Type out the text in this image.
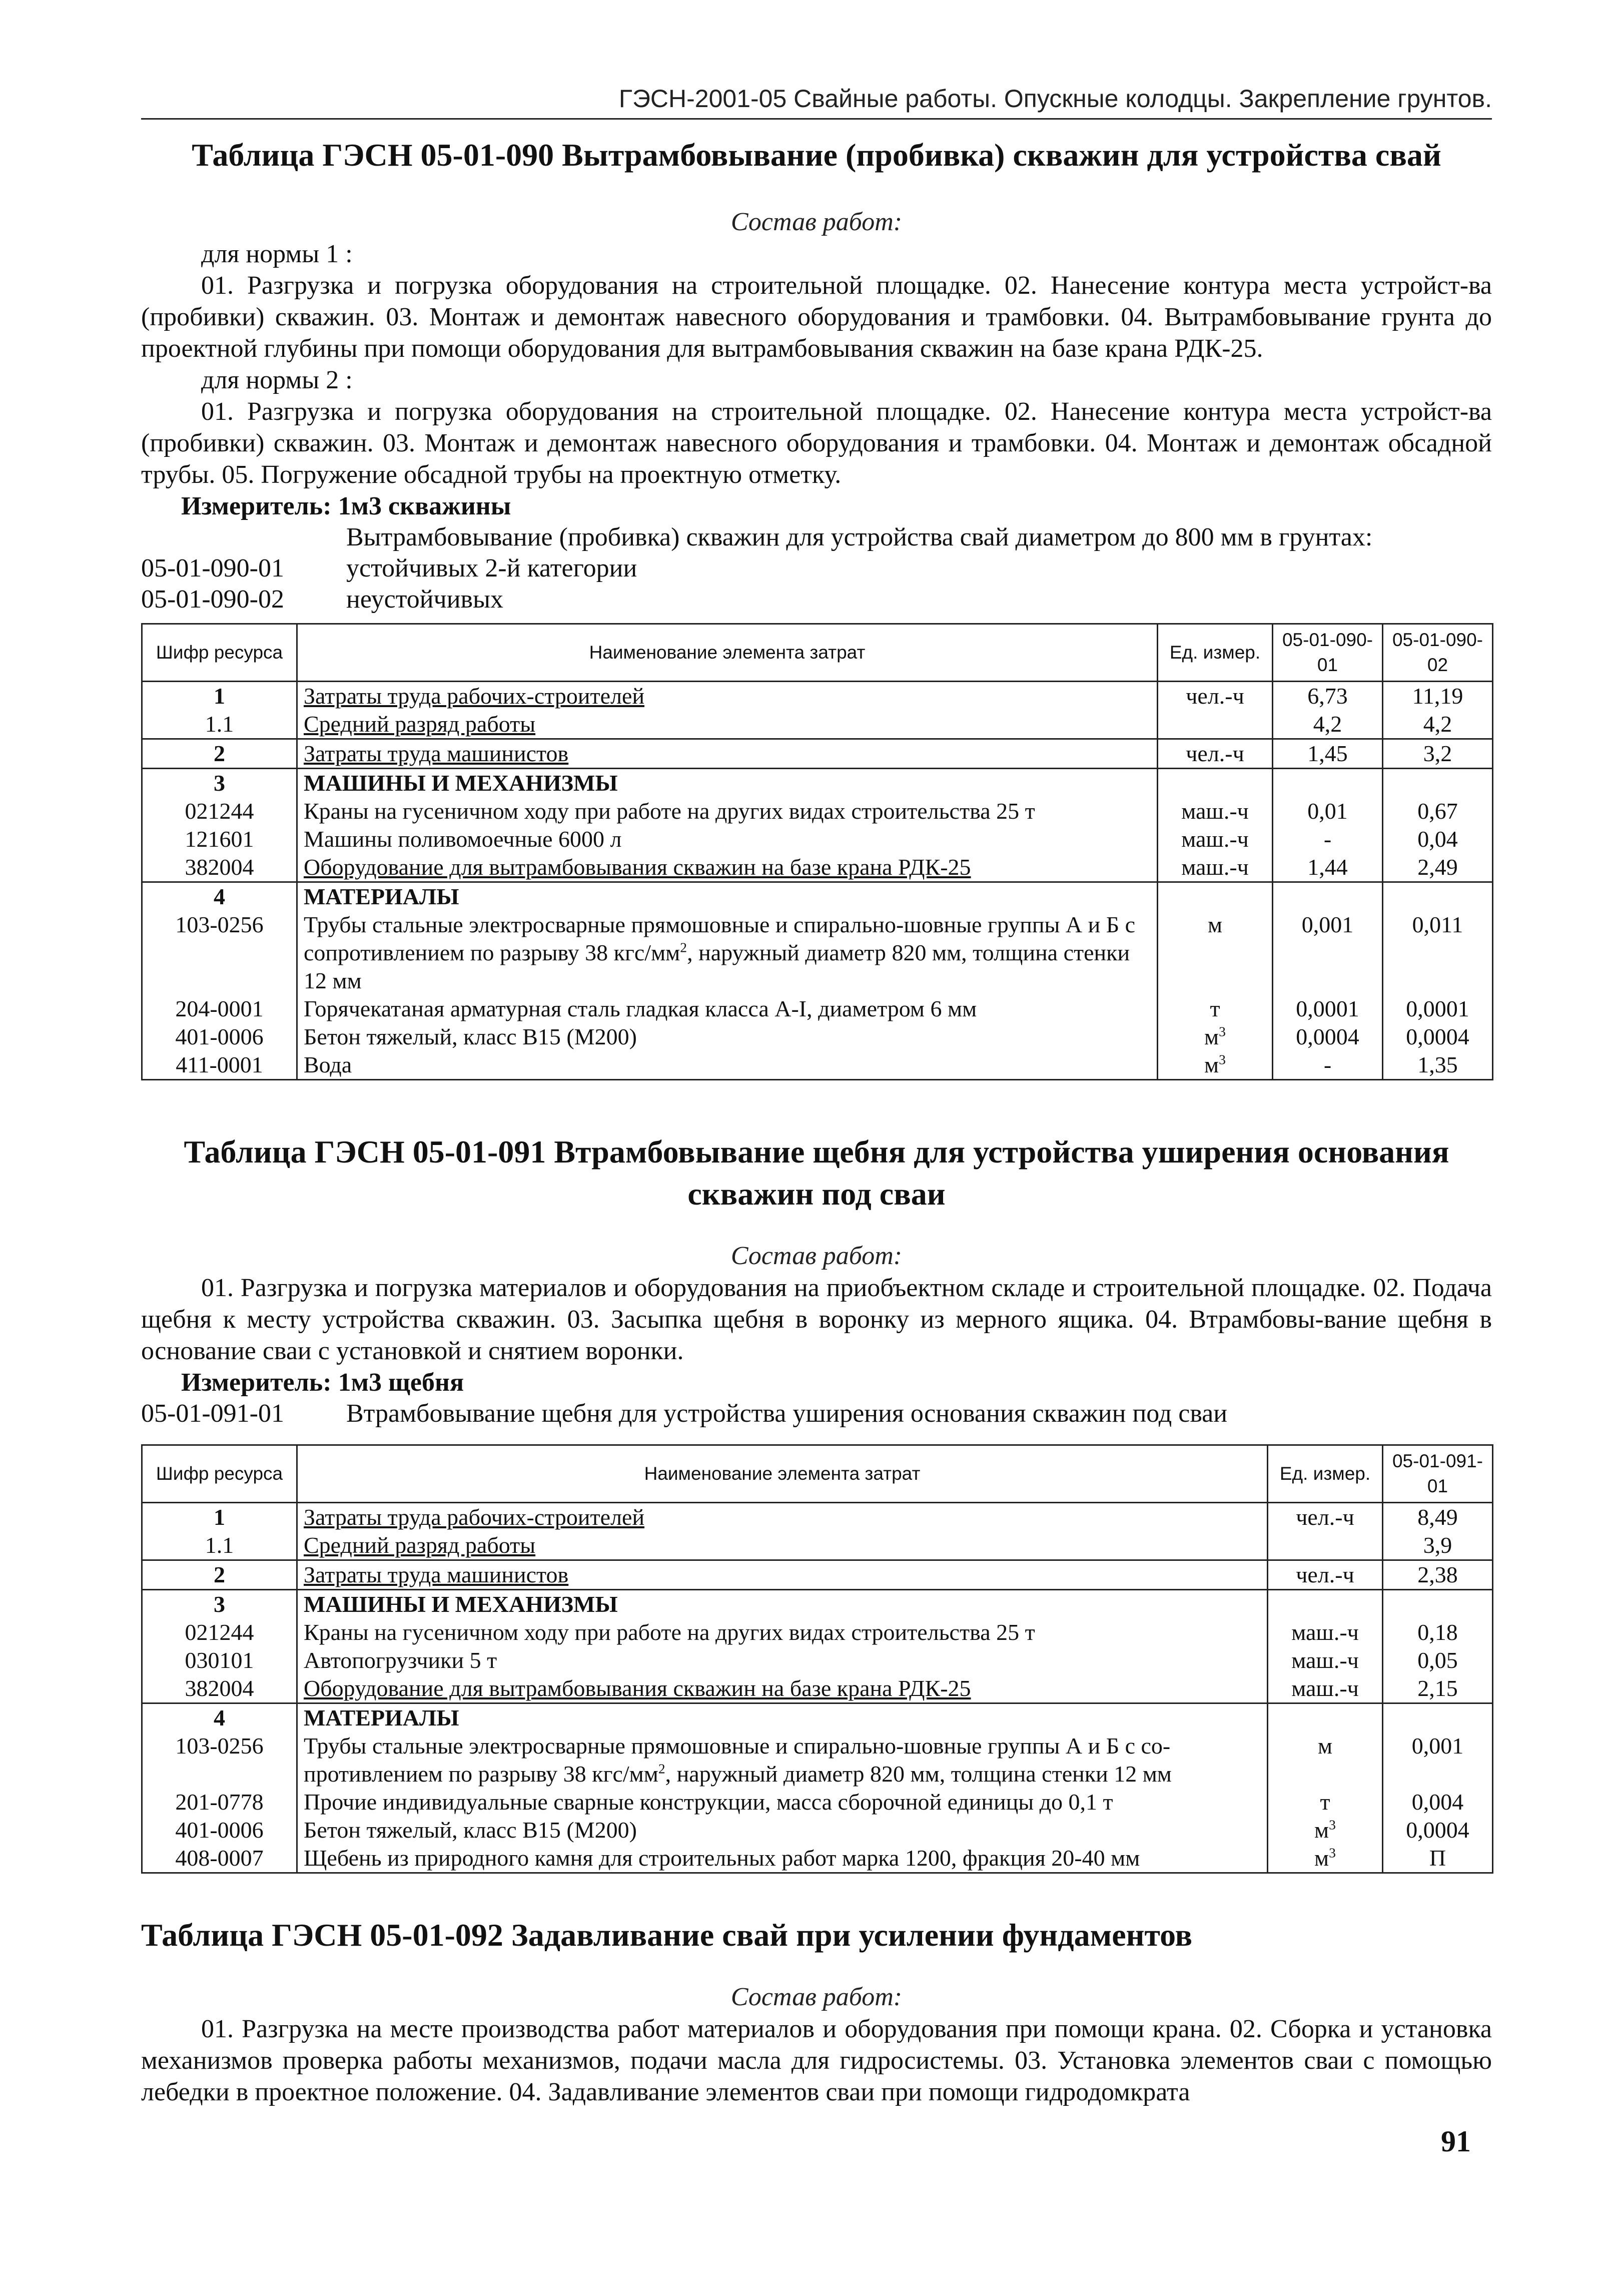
ГЭСН-2001-05 Свайные работы. Опускные колодцы. Закрепление грунтов.

Таблица ГЭСН 05-01-090 Вытрамбовывание (пробивка) скважин для устройства свай

Состав работ:

для нормы 1 :

01. Разгрузка и погрузка оборудования на строительной площадке. 02. Нанесение контура места устройст-ва (пробивки) скважин. 03. Монтаж и демонтаж навесного оборудования и трамбовки. 04. Вытрамбовывание грунта до проектной глубины при помощи оборудования для вытрамбовывания скважин на базе крана РДК-25.

для нормы 2 :

01. Разгрузка и погрузка оборудования на строительной площадке. 02. Нанесение контура места устройст-ва (пробивки) скважин. 03. Монтаж и демонтаж навесного оборудования и трамбовки. 04. Монтаж и демонтаж обсадной трубы. 05. Погружение обсадной трубы на проектную отметку.

Измеритель: 1м3 скважины

Вытрамбовывание (пробивка) скважин для устройства свай диаметром до 800 мм в грунтах:

05-01-090-01	устойчивых 2-й категории
05-01-090-02	неустойчивых
Шифр ресурса	Наименование элемента затрат	Ед. измер.	05-01-090-01	05-01-090-02
1	Затраты труда рабочих-строителей	чел.-ч	6,73	11,19
1.1	Средний разряд работы		4,2	4,2
2	Затраты труда машинистов	чел.-ч	1,45	3,2
3	МАШИНЫ И МЕХАНИЗМЫ			
021244	Краны на гусеничном ходу при работе на других видах строительства 25 т	маш.-ч	0,01	0,67
121601	Машины поливомоечные 6000 л	маш.-ч	-	0,04
382004	Оборудование для вытрамбовывания скважин на базе крана РДК-25	маш.-ч	1,44	2,49
4	МАТЕРИАЛЫ			
103-0256	Трубы стальные электросварные прямошовные и спирально-шовные группы А и Б с сопротивлением по разрыву 38 кгс/$мм^2$, наружный диаметр 820 мм, толщина стенки 12 мм	м	0,001	0,011
204-0001	Горячекатаная арматурная сталь гладкая класса А-I, диаметром 6 мм	т	0,0001	0,0001
401-0006	Бетон тяжелый, класс В15 (М200)	$м^3$	0,0004	0,0004
411-0001	Вода	$м^3$	-	1,35

Таблица ГЭСН 05-01-091 Втрамбовывание щебня для устройства уширения основания скважин под сваи

Состав работ:

01. Разгрузка и погрузка материалов и оборудования на приобъектном складе и строительной площадке. 02. Подача щебня к месту устройства скважин. 03. Засыпка щебня в воронку из мерного ящика. 04. Втрамбовы-вание щебня в основание сваи с установкой и снятием воронки.

Измеритель: 1м3 щебня

05-01-091-01	Втрамбовывание щебня для устройства уширения основания скважин под сваи
Шифр ресурса	Наименование элемента затрат	Ед. измер.	05-01-091-01
1	Затраты труда рабочих-строителей	чел.-ч	8,49
1.1	Средний разряд работы		3,9
2	Затраты труда машинистов	чел.-ч	2,38
3	МАШИНЫ И МЕХАНИЗМЫ		
021244	Краны на гусеничном ходу при работе на других видах строительства 25 т	маш.-ч	0,18
030101	Автопогрузчики 5 т	маш.-ч	0,05
382004	Оборудование для вытрамбовывания скважин на базе крана РДК-25	маш.-ч	2,15
4	МАТЕРИАЛЫ		
103-0256	Трубы стальные электросварные прямошовные и спирально-шовные группы А и Б с со-противлением по разрыву 38 кгс/$мм^2$, наружный диаметр 820 мм, толщина стенки 12 мм	м	0,001
201-0778	Прочие индивидуальные сварные конструкции, масса сборочной единицы до 0,1 т	т	0,004
401-0006	Бетон тяжелый, класс В15 (М200)	$м^3$	0,0004
408-0007	Щебень из природного камня для строительных работ марка 1200, фракция 20-40 мм	$м^3$	П

Таблица ГЭСН 05-01-092 Задавливание свай при усилении фундаментов

Состав работ:

01. Разгрузка на месте производства работ материалов и оборудования при помощи крана. 02. Сборка и установка механизмов проверка работы механизмов, подачи масла для гидросистемы. 03. Установка элементов сваи с помощью лебедки в проектное положение. 04. Задавливание элементов сваи при помощи гидродомкрата

91
